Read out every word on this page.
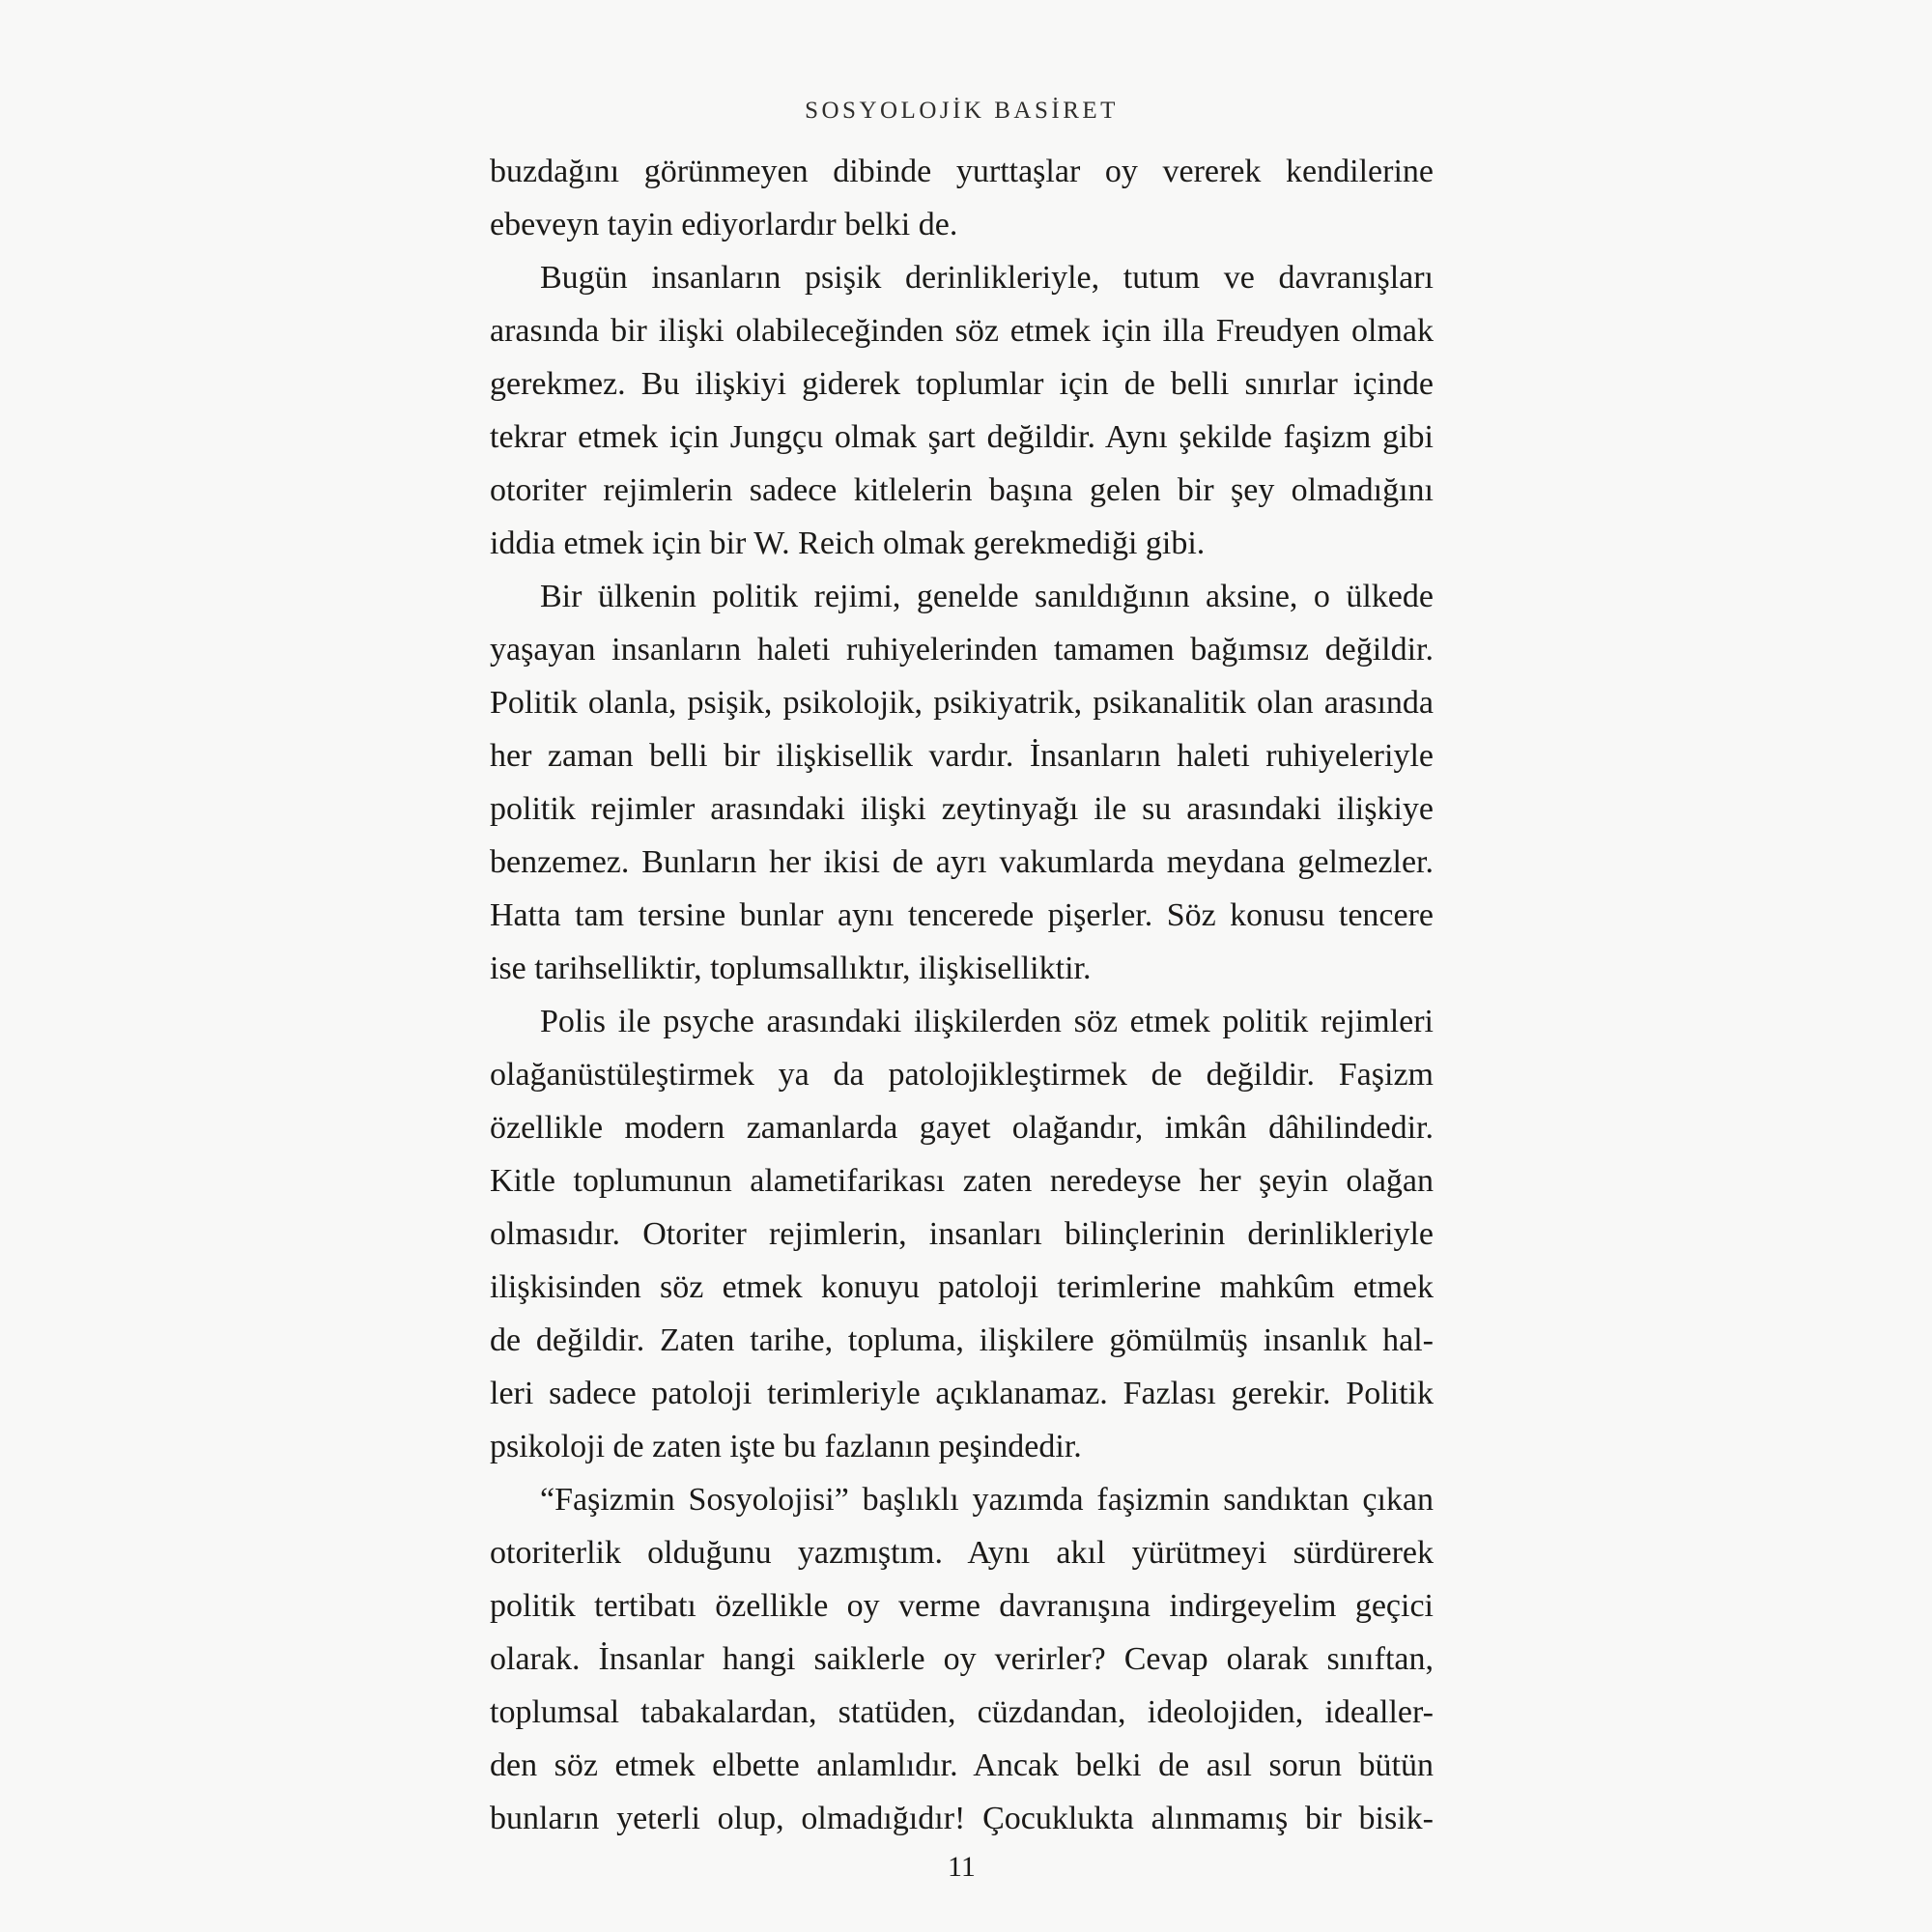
SOSYOLOJİK BASİRET
buzdağını görünmeyen dibinde yurttaşlar oy vererek kendilerine
ebeveyn tayin ediyorlardır belki de.
Bugün insanların psişik derinlikleriyle, tutum ve davranışları
arasında bir ilişki olabileceğinden söz etmek için illa Freudyen olmak
gerekmez. Bu ilişkiyi giderek toplumlar için de belli sınırlar içinde
tekrar etmek için Jungçu olmak şart değildir. Aynı şekilde faşizm gibi
otoriter rejimlerin sadece kitlelerin başına gelen bir şey olmadığını
iddia etmek için bir W. Reich olmak gerekmediği gibi.
Bir ülkenin politik rejimi, genelde sanıldığının aksine, o ülkede
yaşayan insanların haleti ruhiyelerinden tamamen bağımsız değildir.
Politik olanla, psişik, psikolojik, psikiyatrik, psikanalitik olan arasında
her zaman belli bir ilişkisellik vardır. İnsanların haleti ruhiyeleriyle
politik rejimler arasındaki ilişki zeytinyağı ile su arasındaki ilişkiye
benzemez. Bunların her ikisi de ayrı vakumlarda meydana gelmezler.
Hatta tam tersine bunlar aynı tencerede pişerler. Söz konusu tencere
ise tarihselliktir, toplumsallıktır, ilişkiselliktir.
Polis ile psyche arasındaki ilişkilerden söz etmek politik rejimleri
olağanüstüleştirmek ya da patolojikleştirmek de değildir. Faşizm
özellikle modern zamanlarda gayet olağandır, imkân dâhilindedir.
Kitle toplumunun alametifarikası zaten neredeyse her şeyin olağan
olmasıdır. Otoriter rejimlerin, insanları bilinçlerinin derinlikleriyle
ilişkisinden söz etmek konuyu patoloji terimlerine mahkûm etmek
de değildir. Zaten tarihe, topluma, ilişkilere gömülmüş insanlık hal-
leri sadece patoloji terimleriyle açıklanamaz. Fazlası gerekir. Politik
psikoloji de zaten işte bu fazlanın peşindedir.
“Faşizmin Sosyolojisi” başlıklı yazımda faşizmin sandıktan çıkan
otoriterlik olduğunu yazmıştım. Aynı akıl yürütmeyi sürdürerek
politik tertibatı özellikle oy verme davranışına indirgeyelim geçici
olarak. İnsanlar hangi saiklerle oy verirler? Cevap olarak sınıftan,
toplumsal tabakalardan, statüden, cüzdandan, ideolojiden, idealler-
den söz etmek elbette anlamlıdır. Ancak belki de asıl sorun bütün
bunların yeterli olup, olmadığıdır! Çocuklukta alınmamış bir bisik-
11
